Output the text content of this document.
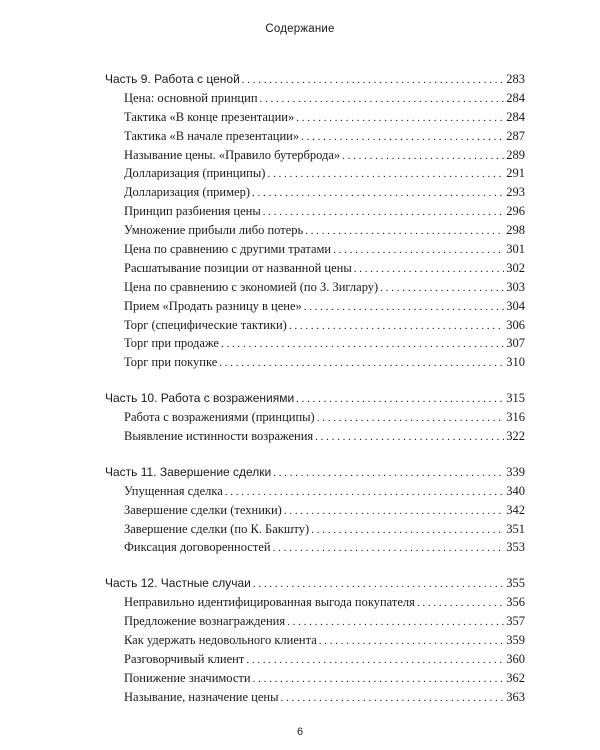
Содержание
Часть 9. Работа с ценой . . .	283
Цена: основной принцип . . .	284
Тактика «В конце презентации» . . .	284
Тактика «В начале презентации» . . .	287
Называние цены. «Правило бутерброда» . . .	289
Долларизация (принципы) . . .	291
Долларизация (пример) . . .	293
Принцип разбиения цены . . .	296
Умножение прибыли либо потерь . . .	298
Цена по сравнению с другими тратами . . .	301
Расшатывание позиции от названной цены . . .	302
Цена по сравнению с экономией (по З. Зиглару) . . .	303
Прием «Продать разницу в цене» . . .	304
Торг (специфические тактики) . . .	306
Торг при продаже . . .	307
Торг при покупке . . .	310
Часть 10. Работа с возражениями . . .	315
Работа с возражениями (принципы) . . .	316
Выявление истинности возражения . . .	322
Часть 11. Завершение сделки . . .	339
Упущенная сделка . . .	340
Завершение сделки (техники) . . .	342
Завершение сделки (по К. Бакшту) . . .	351
Фиксация договоренностей . . .	353
Часть 12. Частные случаи . . .	355
Неправильно идентифицированная выгода покупателя . . .	356
Предложение вознаграждения . . .	357
Как удержать недовольного клиента . . .	359
Разговорчивый клиент . . .	360
Понижение значимости . . .	362
Называние, назначение цены . . .	363
6
